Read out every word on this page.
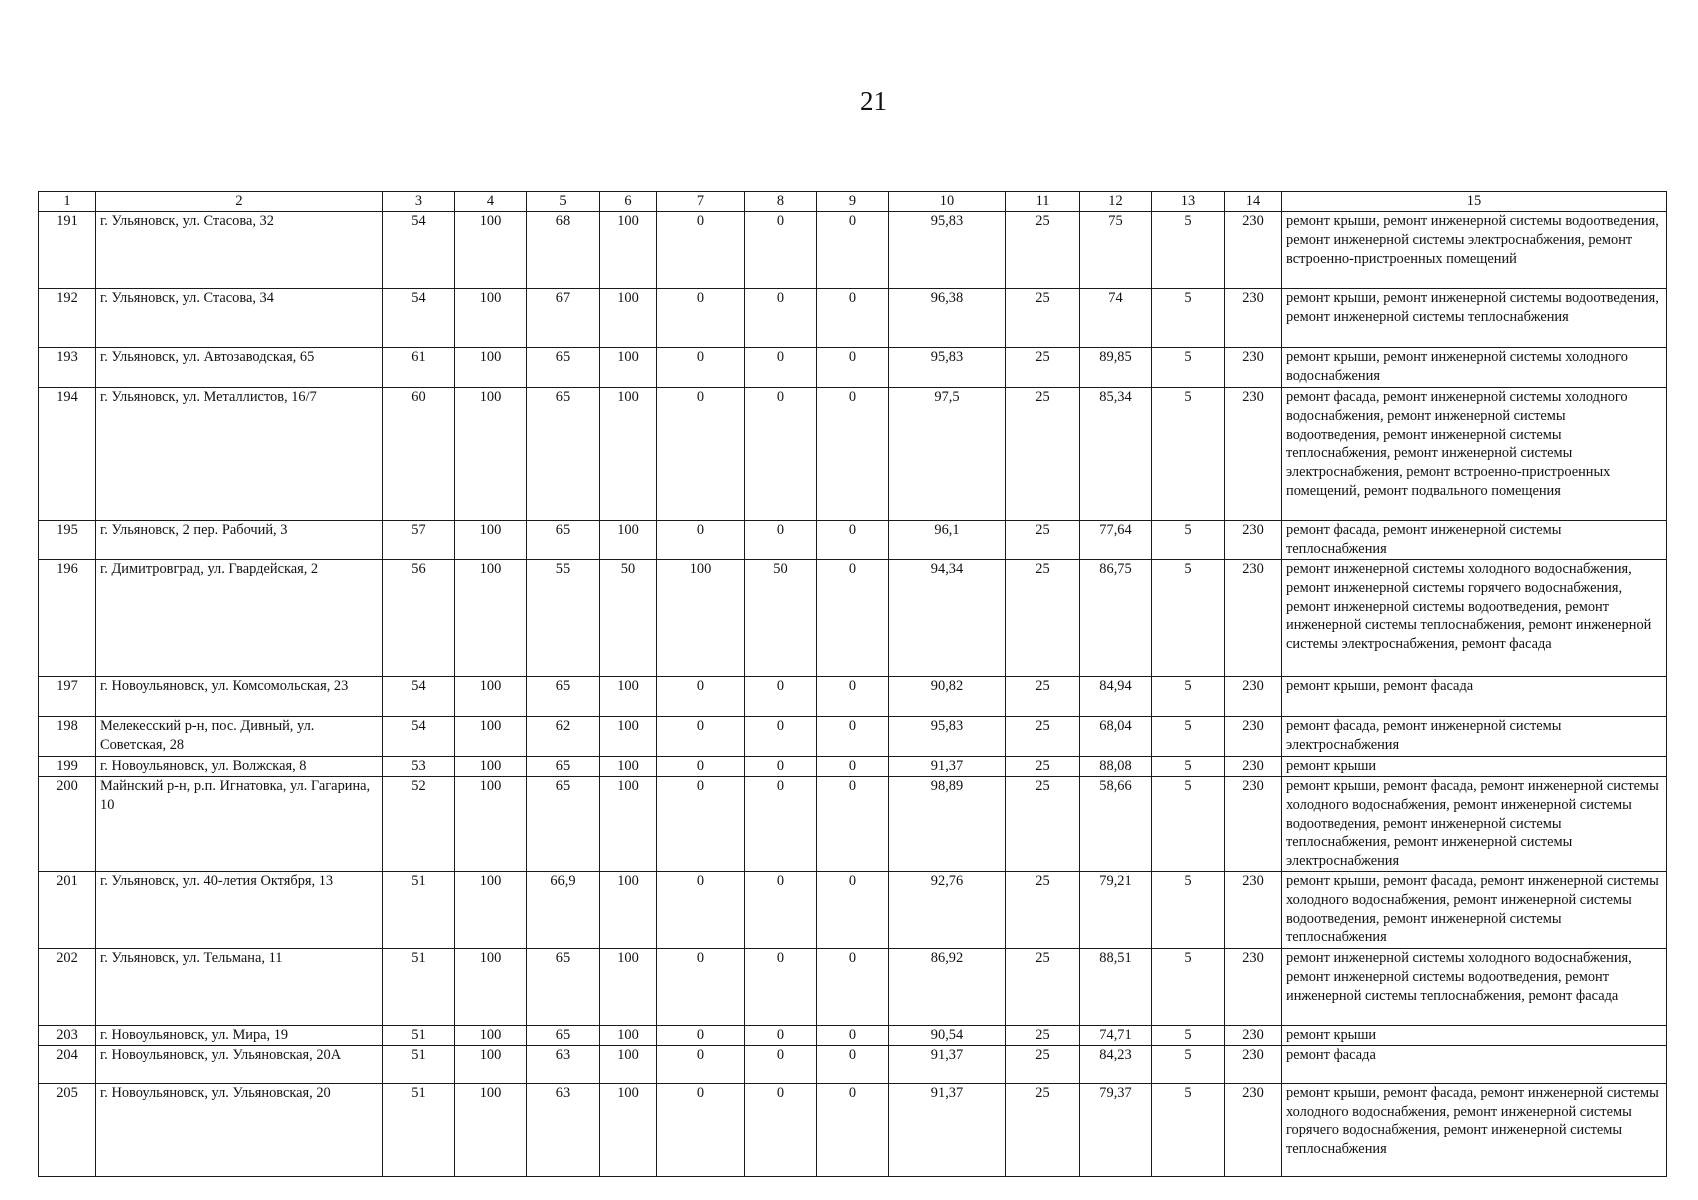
21
1	2	3	4	5	6	7	8	9	10	11	12	13	14	15
191	г. Ульяновск, ул. Стасова, 32	54	100	68	100	0	0	0	95,83	25	75	5	230	ремонт крыши, ремонт инженерной системы водоотведения, ремонт инженерной системы электроснабжения, ремонт встроенно-пристроенных помещений
192	г. Ульяновск, ул. Стасова, 34	54	100	67	100	0	0	0	96,38	25	74	5	230	ремонт крыши, ремонт инженерной системы водоотведения, ремонт инженерной системы теплоснабжения
193	г. Ульяновск, ул. Автозаводская, 65	61	100	65	100	0	0	0	95,83	25	89,85	5	230	ремонт крыши, ремонт инженерной системы холодного водоснабжения
194	г. Ульяновск, ул. Металлистов, 16/7	60	100	65	100	0	0	0	97,5	25	85,34	5	230	ремонт фасада, ремонт инженерной системы холодного водоснабжения, ремонт инженерной системы водоотведения, ремонт инженерной системы теплоснабжения, ремонт инженерной системы электроснабжения, ремонт встроенно-пристроенных помещений, ремонт подвального помещения
195	г. Ульяновск, 2 пер. Рабочий, 3	57	100	65	100	0	0	0	96,1	25	77,64	5	230	ремонт фасада, ремонт инженерной системы теплоснабжения
196	г. Димитровград, ул. Гвардейская, 2	56	100	55	50	100	50	0	94,34	25	86,75	5	230	ремонт инженерной системы холодного водоснабжения, ремонт инженерной системы горячего водоснабжения, ремонт инженерной системы водоотведения, ремонт инженерной системы теплоснабжения, ремонт инженерной системы электроснабжения, ремонт фасада
197	г. Новоульяновск, ул. Комсомольская, 23	54	100	65	100	0	0	0	90,82	25	84,94	5	230	ремонт крыши, ремонт фасада
198	Мелекесский р-н, пос. Дивный, ул. Советская, 28	54	100	62	100	0	0	0	95,83	25	68,04	5	230	ремонт фасада, ремонт инженерной системы электроснабжения
199	г. Новоульяновск, ул. Волжская, 8	53	100	65	100	0	0	0	91,37	25	88,08	5	230	ремонт крыши
200	Майнский р-н, р.п. Игнатовка, ул. Гагарина, 10	52	100	65	100	0	0	0	98,89	25	58,66	5	230	ремонт крыши, ремонт фасада, ремонт инженерной системы холодного водоснабжения, ремонт инженерной системы водоотведения, ремонт инженерной системы теплоснабжения, ремонт инженерной системы электроснабжения
201	г. Ульяновск, ул. 40-летия Октября, 13	51	100	66,9	100	0	0	0	92,76	25	79,21	5	230	ремонт крыши, ремонт фасада, ремонт инженерной системы холодного водоснабжения, ремонт инженерной системы водоотведения, ремонт инженерной системы теплоснабжения
202	г. Ульяновск, ул. Тельмана, 11	51	100	65	100	0	0	0	86,92	25	88,51	5	230	ремонт инженерной системы холодного водоснабжения, ремонт инженерной системы водоотведения, ремонт инженерной системы теплоснабжения, ремонт фасада
203	г. Новоульяновск, ул. Мира, 19	51	100	65	100	0	0	0	90,54	25	74,71	5	230	ремонт крыши
204	г. Новоульяновск, ул. Ульяновская, 20А	51	100	63	100	0	0	0	91,37	25	84,23	5	230	ремонт фасада
205	г. Новоульяновск, ул. Ульяновская, 20	51	100	63	100	0	0	0	91,37	25	79,37	5	230	ремонт крыши, ремонт фасада, ремонт инженерной системы холодного водоснабжения, ремонт инженерной системы горячего водоснабжения, ремонт инженерной системы теплоснабжения
